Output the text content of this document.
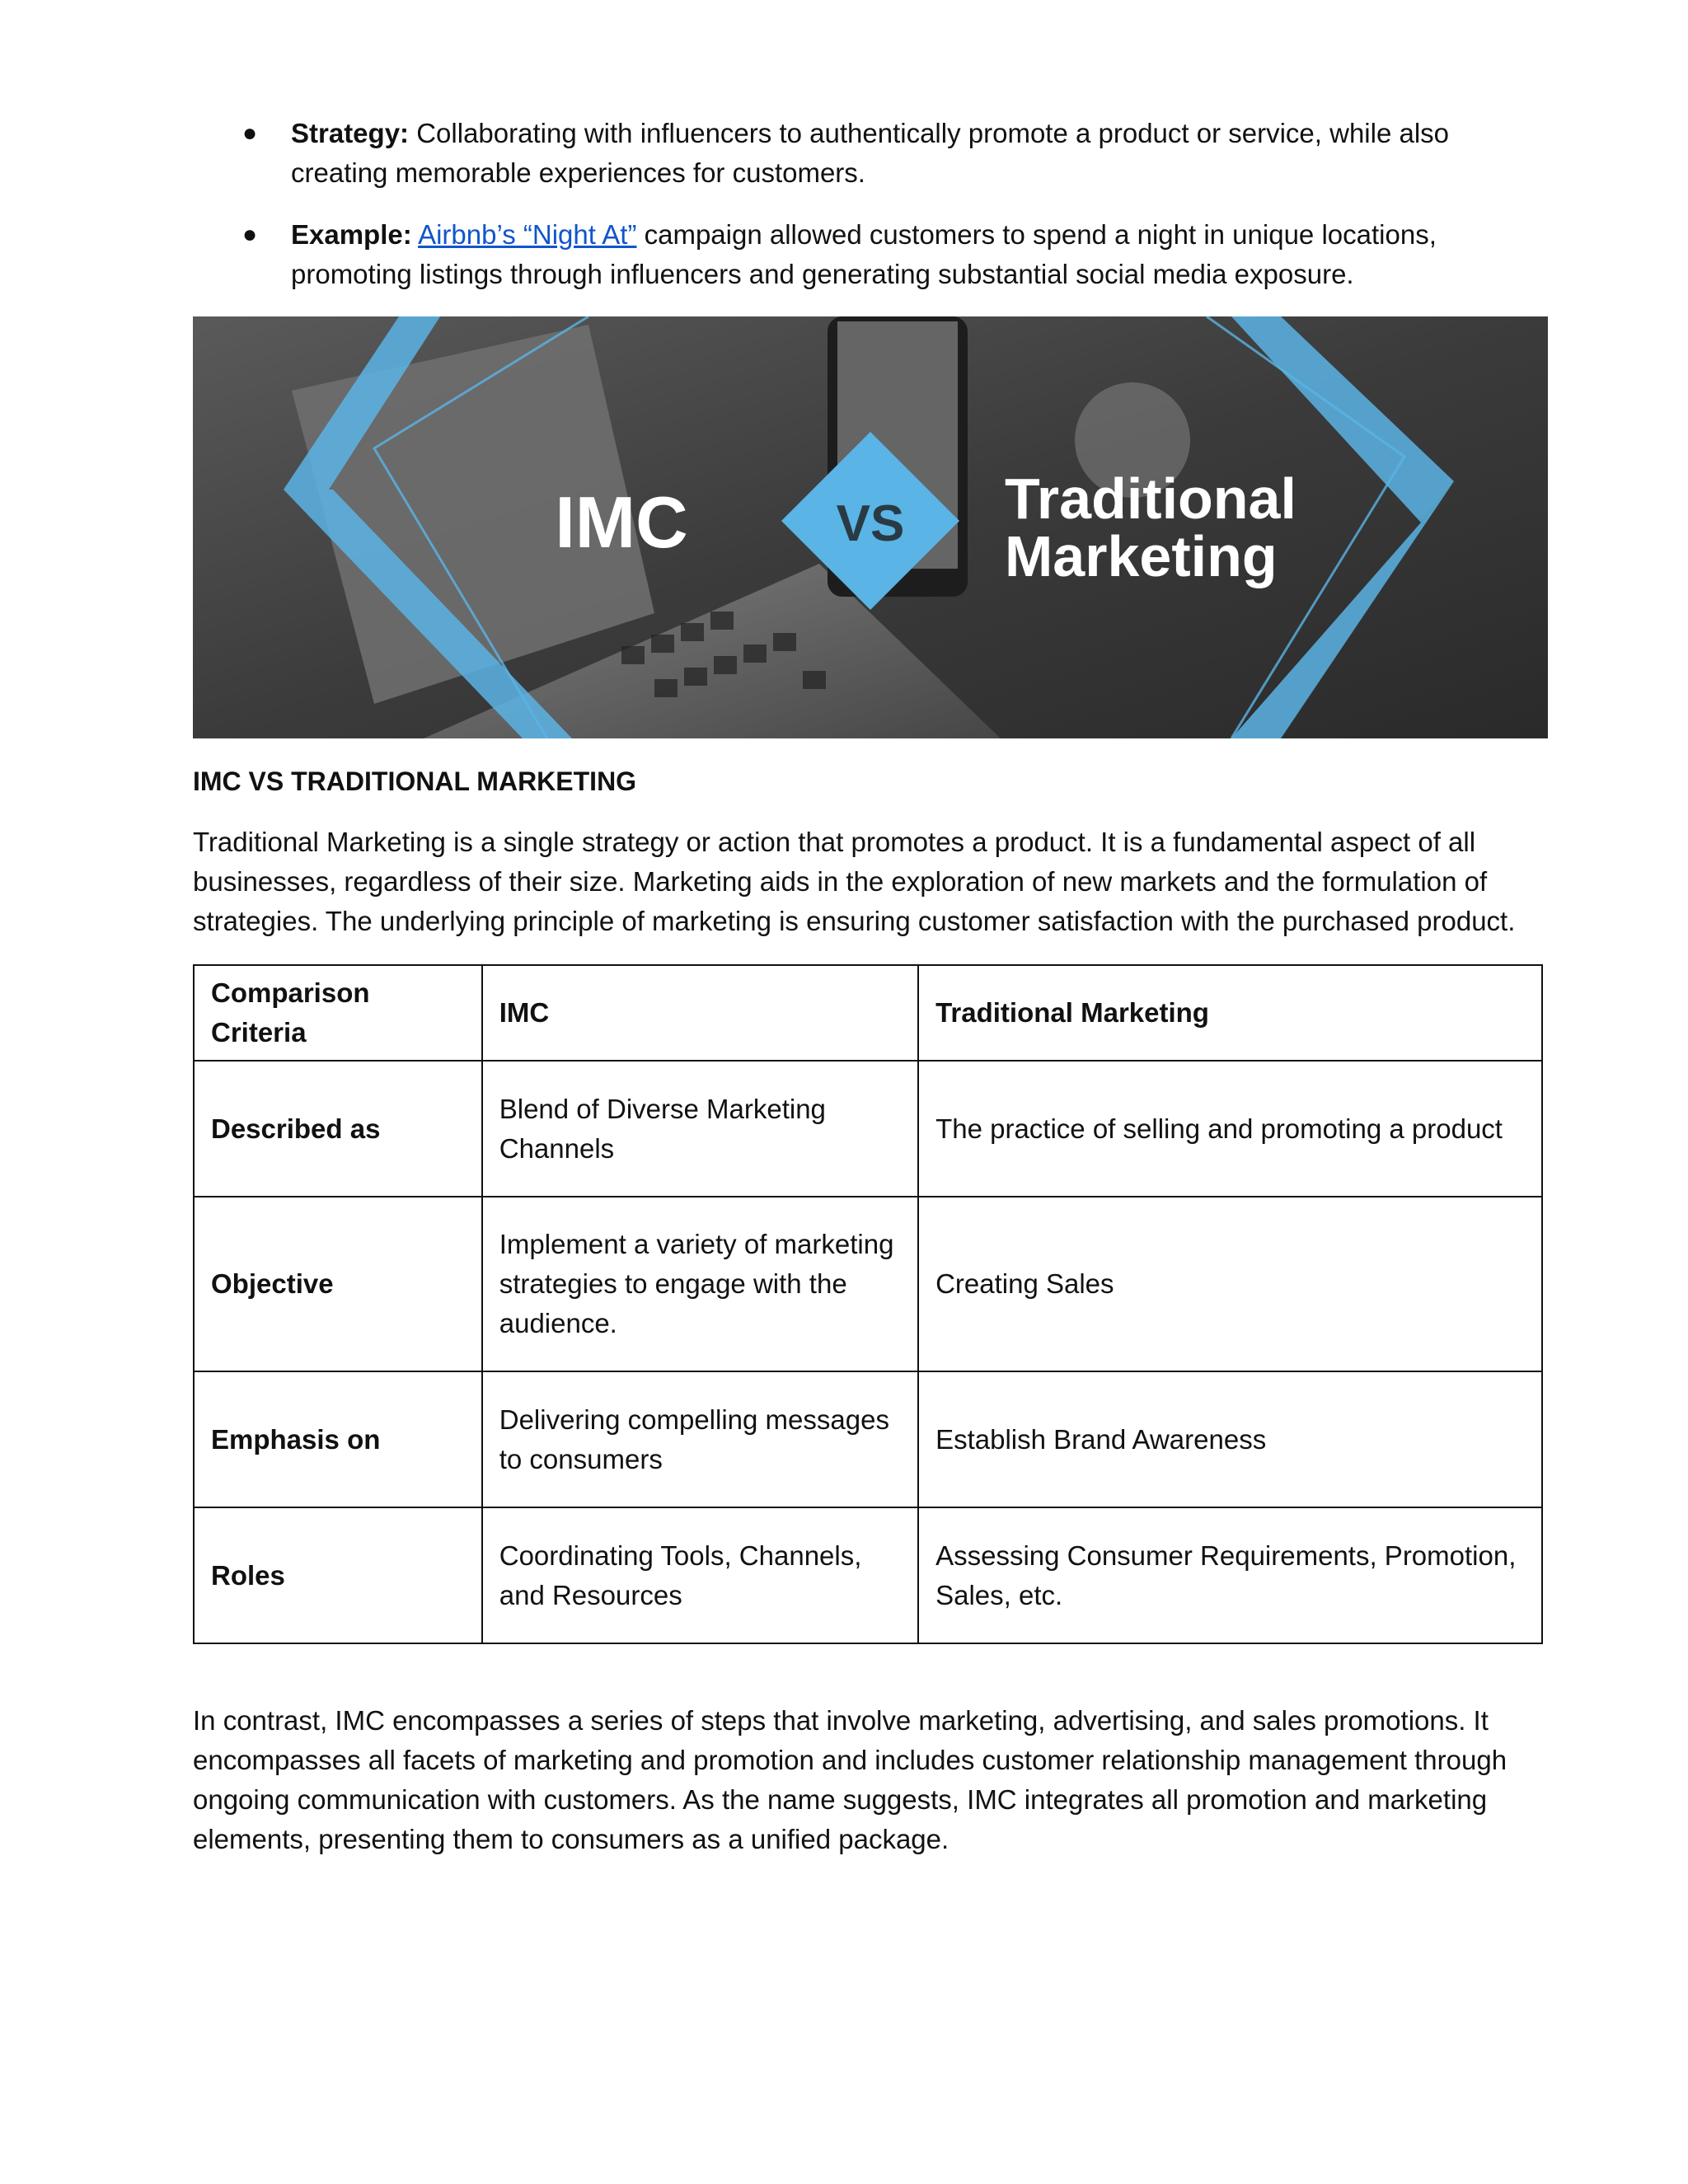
● Strategy: Collaborating with influencers to authentically promote a product or service, while also creating memorable experiences for customers.
● Example: Airbnb’s “Night At” campaign allowed customers to spend a night in unique locations, promoting listings through influencers and generating substantial social media exposure.
VS
IMC	Traditional
Marketing
IMC VS TRADITIONAL MARKETING

Traditional Marketing is a single strategy or action that promotes a product. It is a fundamental aspect of all businesses, regardless of their size. Marketing aids in the exploration of new markets and the formulation of strategies. The underlying principle of marketing is ensuring customer satisfaction with the purchased product.

Comparison Criteria	IMC	Traditional Marketing
Described as	Blend of Diverse Marketing Channels	The practice of selling and promoting a product
Objective	Implement a variety of marketing strategies to engage with the audience.	Creating Sales
Emphasis on	Delivering compelling messages to consumers	Establish Brand Awareness
Roles	Coordinating Tools, Channels, and Resources	Assessing Consumer Requirements, Promotion, Sales, etc.

In contrast, IMC encompasses a series of steps that involve marketing, advertising, and sales promotions. It encompasses all facets of marketing and promotion and includes customer relationship management through ongoing communication with customers. As the name suggests, IMC integrates all promotion and marketing elements, presenting them to consumers as a unified package.
